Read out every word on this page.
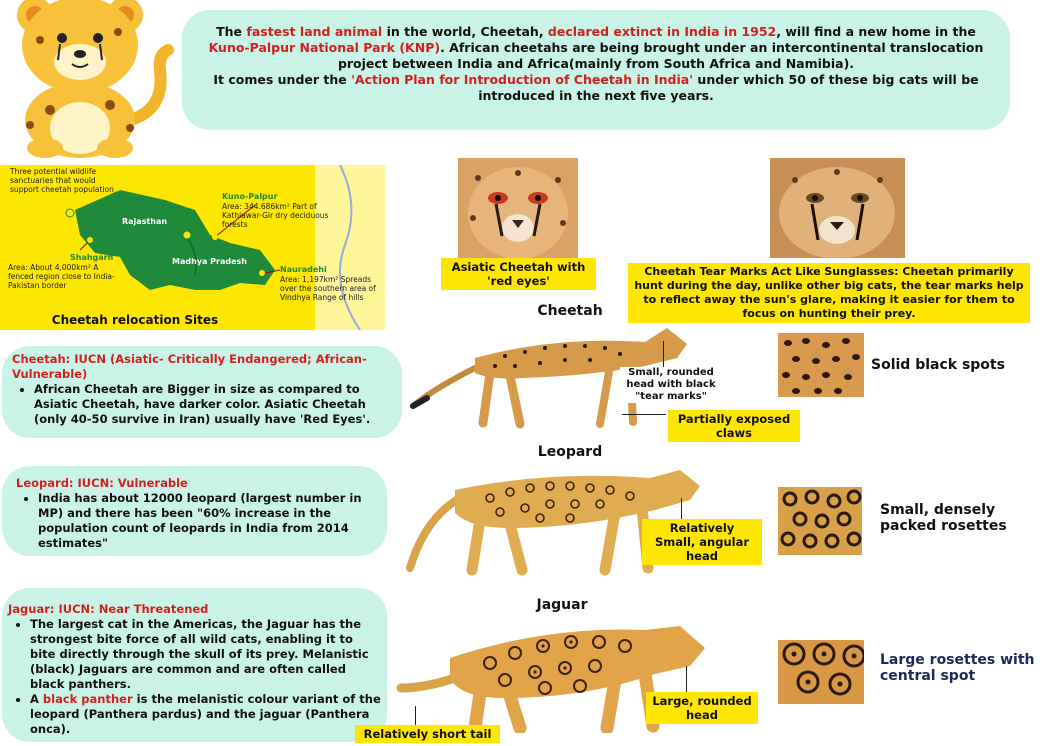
The fastest land animal in the world, Cheetah, declared extinct in India in 1952, will find a new home in the Kuno-Palpur National Park (KNP). African cheetahs are being brought under an intercontinental translocation project between India and Africa(mainly from South Africa and Namibia).
It comes under the 'Action Plan for Introduction of Cheetah in India' under which 50 of these big cats will be introduced in the next five years.
Three potential wildlife sanctuaries that would support cheetah population
Rajasthan
Madhya Pradesh
Kuno-Palpur
Area: 344.686km² Part of Kathiawar-Gir dry deciduous forests
Shahgarh
Area: About 4,000km² A fenced region close to India-Pakistan border
Nauradehi
Area: 1,197km² Spreads over the southern area of Vindhya Range of hills
Cheetah relocation Sites
Asiatic Cheetah with 'red eyes'
Cheetah Tear Marks Act Like Sunglasses: Cheetah primarily hunt during the day, unlike other big cats, the tear marks help to reflect away the sun's glare, making it easier for them to focus on hunting their prey.
Cheetah: IUCN (Asiatic- Critically Endangered; African- Vulnerable)
• African Cheetah are Bigger in size as compared to Asiatic Cheetah, have darker color. Asiatic Cheetah (only 40-50 survive in Iran) usually have 'Red Eyes'.
Leopard: IUCN: Vulnerable
• India has about 12000 leopard (largest number in MP) and there has been "60% increase in the population count of leopards in India from 2014 estimates"
Jaguar: IUCN: Near Threatened
• The largest cat in the Americas, the Jaguar has the strongest bite force of all wild cats, enabling it to bite directly through the skull of its prey. Melanistic (black) Jaguars are common and are often called black panthers.
• A black panther is the melanistic colour variant of the leopard (Panthera pardus) and the jaguar (Panthera onca).
Cheetah
Leopard
Jaguar
Small, rounded head with black "tear marks"
Partially exposed claws
Relatively Small, angular head
Large, rounded head
Relatively short tail
Solid black spots
Small, densely packed rosettes
Large rosettes with central spot
